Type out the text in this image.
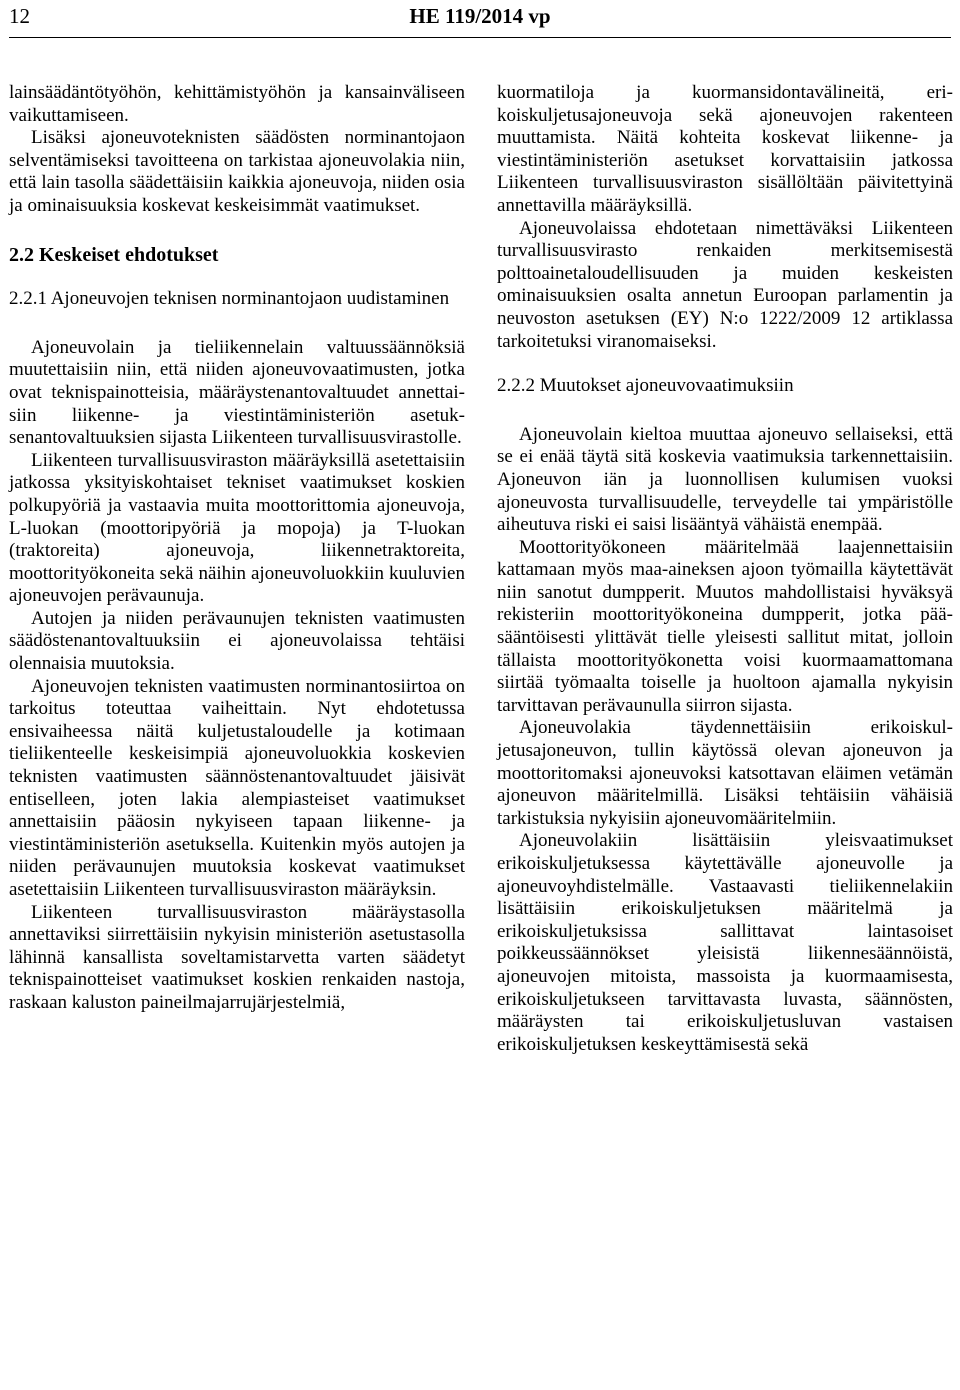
12	HE 119/2014 vp

lainsäädäntötyöhön, kehittämistyöhön ja kansainväliseen vaikuttamiseen.

Lisäksi ajoneuvoteknisten säädösten norminantojaon selventämiseksi tavoitteena on tarkistaa ajoneuvolakia niin, että lain tasolla säädettäisiin kaikkia ajoneuvoja, niiden osia ja ominaisuuksia koskevat keskeisimmät vaatimukset.

2.2 Keskeiset ehdotukset
2.2.1 Ajoneuvojen teknisen norminantojaon uudistaminen

Ajoneuvolain ja tieliikennelain valtuussäännöksiä muutettaisiin niin, että niiden ajoneuvovaatimusten, jotka ovat teknispainotteisia, määräystenantovaltuudet annettaisiin liikenne- ja viestintäministeriön asetuksenantovaltuuksien sijasta Liikenteen turvallisuusvirastolle.

Liikenteen turvallisuusviraston määräyksillä asetettaisiin jatkossa yksityiskohtaiset tekniset vaatimukset koskien polkupyöriä ja vastaavia muita moottorittomia ajoneuvoja, L-luokan (moottoripyöriä ja mopoja) ja T-luokan (traktoreita) ajoneuvoja, liikennetraktoreita, moottorityökoneita sekä näihin ajoneuvoluokkiin kuuluvien ajoneuvojen perävaunuja.

Autojen ja niiden perävaunujen teknisten vaatimusten säädöstenantovaltuuksiin ei ajoneuvolaissa tehtäisi olennaisia muutoksia.

Ajoneuvojen teknisten vaatimusten norminantosiirtoa on tarkoitus toteuttaa vaiheittain. Nyt ehdotetussa ensivaiheessa näitä kuljetustaloudelle ja kotimaan tieliikenteelle keskeisimpiä ajoneuvoluokkia koskevien teknisten vaatimusten säännöstenantovaltuudet jäisivät entiselleen, joten lakia alempiasteiset vaatimukset annettaisiin pääosin nykyiseen tapaan liikenne- ja viestintäministeriön asetuksella. Kuitenkin myös autojen ja niiden perävaunujen muutoksia koskevat vaatimukset asetettaisiin Liikenteen turvallisuusviraston määräyksin.

Liikenteen turvallisuusviraston määräystasolla annettaviksi siirrettäisiin nykyisin ministeriön asetustasolla lähinnä kansallista soveltamistarvetta varten säädetyt teknispainotteiset vaatimukset koskien renkaiden nastoja, raskaan kaluston paineilmajarrujärjestelmiä,

kuormatiloja ja kuormansidontavälineitä, erikoiskuljetusajoneuvoja sekä ajoneuvojen rakenteen muuttamista. Näitä kohteita koskevat liikenne- ja viestintäministeriön asetukset korvattaisiin jatkossa Liikenteen turvallisuusviraston sisällöltään päivitettyinä annettavilla määräyksillä.

Ajoneuvolaissa ehdotetaan nimettäväksi Liikenteen turvallisuusvirasto renkaiden merkitsemisestä polttoainetaloudellisuuden ja muiden keskeisten ominaisuuksien osalta annetun Euroopan parlamentin ja neuvoston asetuksen (EY) N:o 1222/2009 12 artiklassa tarkoitetuksi viranomaiseksi.

2.2.2 Muutokset ajoneuvovaatimuksiin

Ajoneuvolain kieltoa muuttaa ajoneuvo sellaiseksi, että se ei enää täytä sitä koskevia vaatimuksia tarkennettaisiin. Ajoneuvon iän ja luonnollisen kulumisen vuoksi ajoneuvosta turvallisuudelle, terveydelle tai ympäristölle aiheutuva riski ei saisi lisääntyä vähäistä enempää.

Moottorityökoneen määritelmää laajennettaisiin kattamaan myös maa-aineksen ajoon työmailla käytettävät niin sanotut dumpperit. Muutos mahdollistaisi hyväksyä rekisteriin moottorityökoneina dumpperit, jotka pääsääntöisesti ylittävät tielle yleisesti sallitut mitat, jolloin tällaista moottorityökonetta voisi kuormaamattomana siirtää työmaalta toiselle ja huoltoon ajamalla nykyisin tarvittavan perävaunulla siirron sijasta.

Ajoneuvolakia täydennettäisiin erikoiskuljetusajoneuvon, tullin käytössä olevan ajoneuvon ja moottoritomaksi ajoneuvoksi katsottavan eläimen vetämän ajoneuvon määritelmillä. Lisäksi tehtäisiin vähäisiä tarkistuksia nykyisiin ajoneuvomääritelmiin.

Ajoneuvolakiin lisättäisiin yleisvaatimukset erikoiskuljetuksessa käytettävälle ajoneuvolle ja ajoneuvoyhdistelmälle. Vastaavasti tieliikennelakiin lisättäisiin erikoiskuljetuksen määritelmä ja erikoiskuljetuksissa sallittavat laintasoiset poikkeussäännökset yleisistä liikennesäännöistä, ajoneuvojen mitoista, massoista ja kuormaamisesta, erikoiskuljetukseen tarvittavasta luvasta, säännösten, määräysten tai erikoiskuljetusluvan vastaisen erikoiskuljetuksen keskeyttämisestä sekä
